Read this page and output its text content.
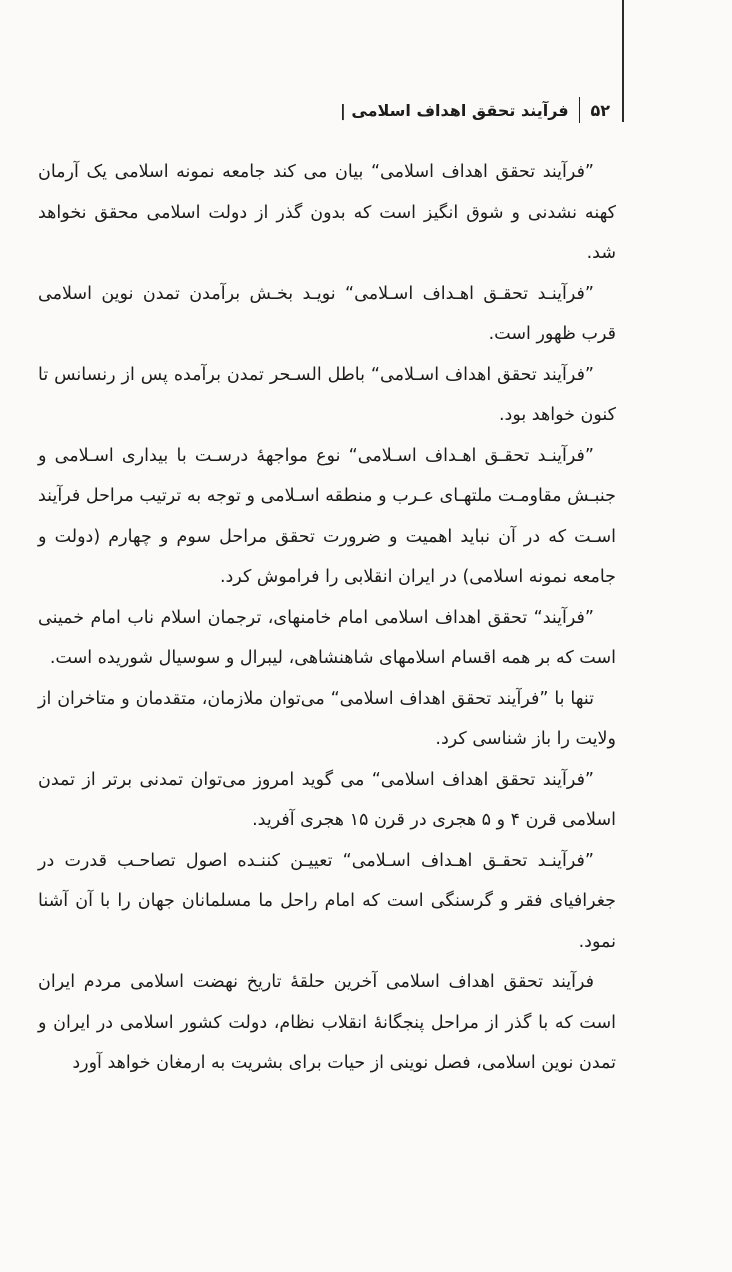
۵۲
فرآیند تحقق اهداف اسلامی |

”فرآیند تحقق اهداف اسلامی“ بیان می کند جامعه نمونه اسلامی یک آرمان کهنه نشدنی و شوق انگیز است که بدون گذر از دولت اسلامی محقق نخواهد شد.

”فرآینـد تحقـق اهـداف اسـلامی“ نویـد بخـش برآمدن تمدن نوین اسلامی قرب ظهور است.

”فرآیند تحقق اهداف اسـلامی“ باطل السـحر تمدن برآمده پس از رنسانس تا کنون خواهد بود.

”فرآینـد تحقـق اهـداف اسـلامی“ نوع مواجهۀ درسـت با بیداری اسـلامی و جنبـش مقاومـت ملتهـای عـرب و منطقه اسـلامی و توجه به ترتیب مراحل فرآیند اسـت که در آن نباید اهمیت و ضرورت تحقق مراحل سوم و چهارم (دولت و جامعه نمونه اسلامی) در ایران انقلابی را فراموش کرد.

”فرآیند“ تحقق اهداف اسلامی امام خامنهای، ترجمان اسلام ناب امام خمینی است که بر همه اقسام اسلامهای شاهنشاهی، لیبرال و سوسیال شوریده است.

تنها با ”فرآیند تحقق اهداف اسلامی“ می‌توان ملازمان، متقدمان و متاخران از ولایت را باز شناسی کرد.

”فرآیند تحقق اهداف اسلامی“ می گوید امروز می‌توان تمدنی برتر از تمدن اسلامی قرن ۴ و ۵ هجری در قرن ۱۵ هجری آفرید.

”فرآینـد تحقـق اهـداف اسـلامی“ تعییـن کننـده اصول تصاحـب قدرت در جغرافیای فقر و گرسنگی است که امام راحل ما مسلمانان جهان را با آن آشنا نمود.

فرآیند تحقق اهداف اسلامی آخرین حلقۀ تاریخ نهضت اسلامی مردم ایران است که با گذر از مراحل پنجگانۀ انقلاب نظام، دولت کشور اسلامی در ایران و تمدن نوین اسلامی، فصل نوینی از حیات برای بشریت به ارمغان خواهد آورد
